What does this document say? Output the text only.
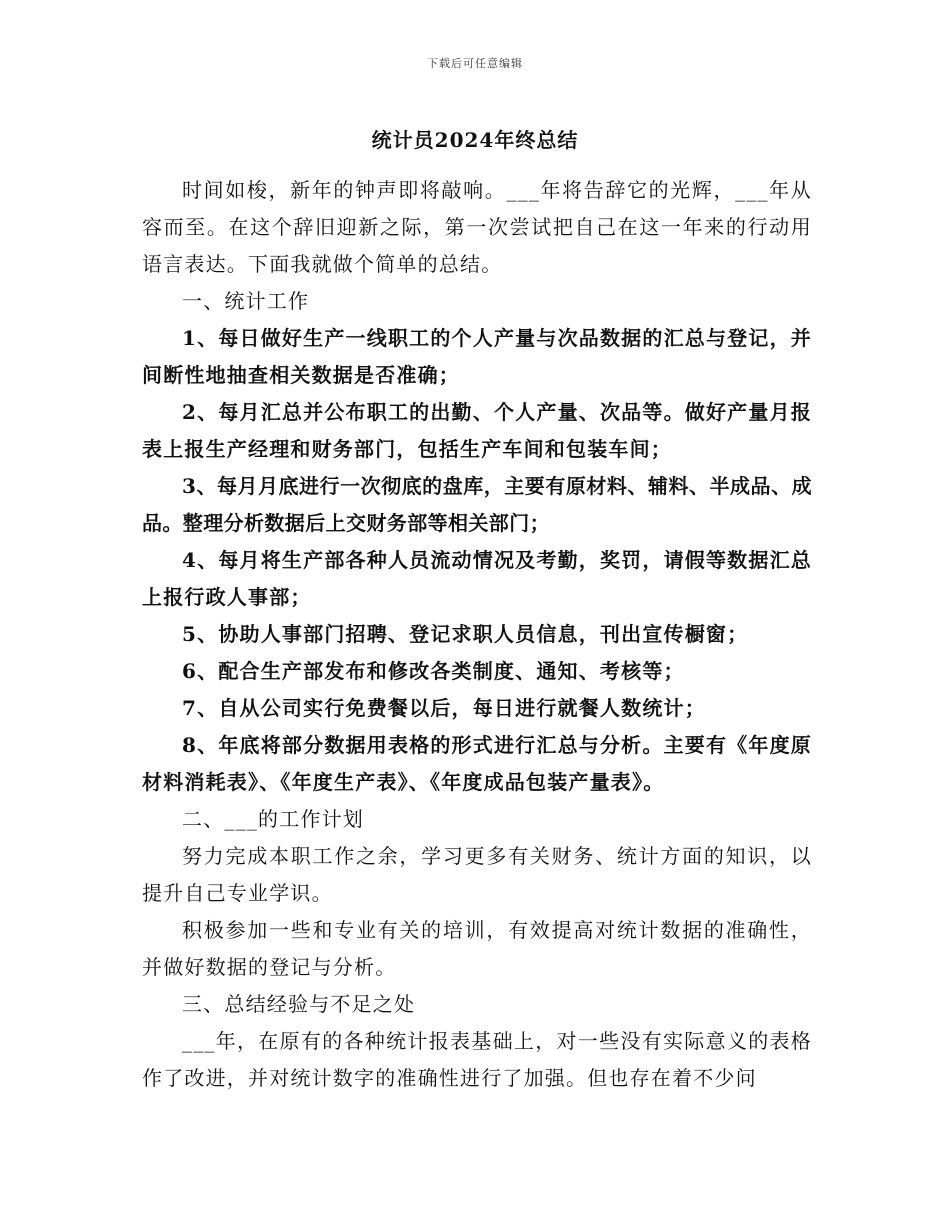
下载后可任意编辑
统计员2024年终总结

时间如梭，新年的钟声即将敲响。___年将告辞它的光辉，___年从容而至。在这个辞旧迎新之际，第一次尝试把自己在这一年来的行动用语言表达。下面我就做个简单的总结。

一、统计工作

1、每日做好生产一线职工的个人产量与次品数据的汇总与登记，并间断性地抽查相关数据是否准确；

2、每月汇总并公布职工的出勤、个人产量、次品等。做好产量月报表上报生产经理和财务部门，包括生产车间和包装车间；

3、每月月底进行一次彻底的盘库，主要有原材料、辅料、半成品、成品。整理分析数据后上交财务部等相关部门；

4、每月将生产部各种人员流动情况及考勤，奖罚，请假等数据汇总上报行政人事部；

5、协助人事部门招聘、登记求职人员信息，刊出宣传橱窗；

6、配合生产部发布和修改各类制度、通知、考核等；

7、自从公司实行免费餐以后，每日进行就餐人数统计；

8、年底将部分数据用表格的形式进行汇总与分析。主要有《年度原材料消耗表》、《年度生产表》、《年度成品包装产量表》。

二、___的工作计划

努力完成本职工作之余，学习更多有关财务、统计方面的知识，以提升自己专业学识。

积极参加一些和专业有关的培训，有效提高对统计数据的准确性，并做好数据的登记与分析。

三、总结经验与不足之处

___年，在原有的各种统计报表基础上，对一些没有实际意义的表格作了改进，并对统计数字的准确性进行了加强。但也存在着不少问
